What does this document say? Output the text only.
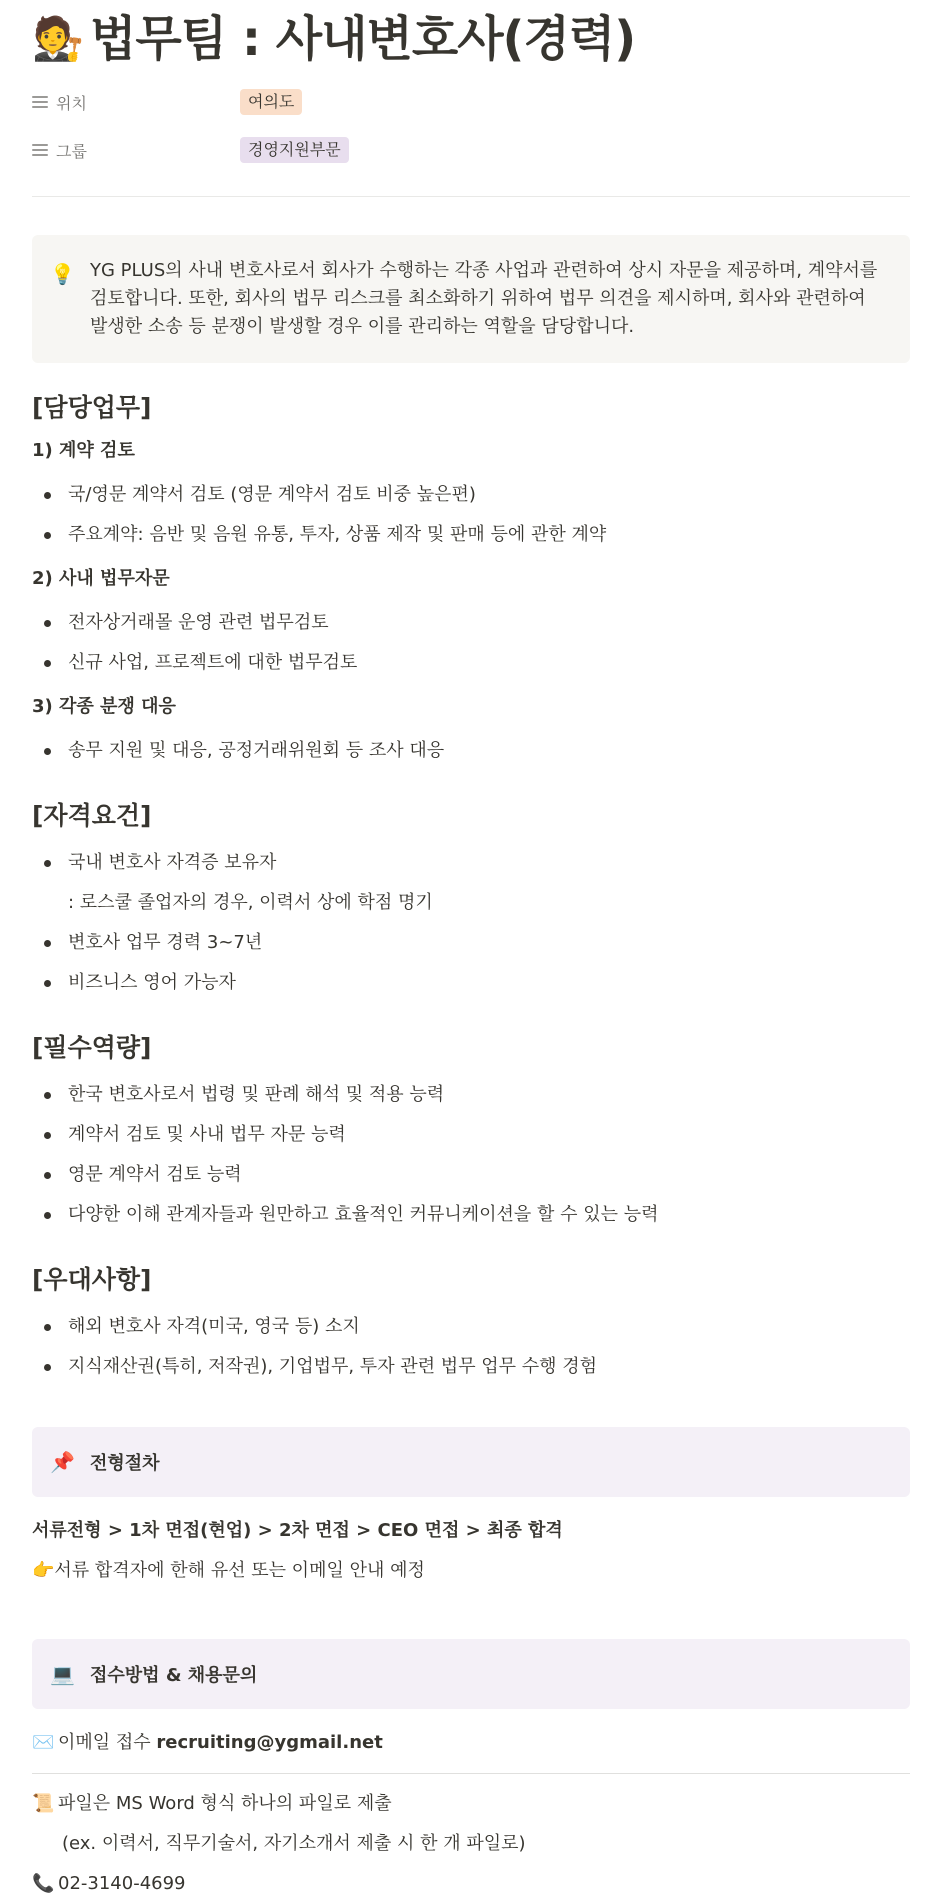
🧑‍⚖️ 법무팀 : 사내변호사(경력)
위치	여의도
그룹	경영지원부문
💡 YG PLUS의 사내 변호사로서 회사가 수행하는 각종 사업과 관련하여 상시 자문을 제공하며, 계약서를 검토합니다. 또한, 회사의 법무 리스크를 최소화하기 위하여 법무 의견을 제시하며, 회사와 관련하여 발생한 소송 등 분쟁이 발생할 경우 이를 관리하는 역할을 담당합니다.
[담당업무]
1) 계약 검토
국/영문 계약서 검토 (영문 계약서 검토 비중 높은편)
주요계약: 음반 및 음원 유통, 투자, 상품 제작 및 판매 등에 관한 계약
2) 사내 법무자문
전자상거래몰 운영 관련 법무검토
신규 사업, 프로젝트에 대한 법무검토
3) 각종 분쟁 대응
송무 지원 및 대응, 공정거래위원회 등 조사 대응
[자격요건]
국내 변호사 자격증 보유자
: 로스쿨 졸업자의 경우, 이력서 상에 학점 명기
변호사 업무 경력 3~7년
비즈니스 영어 가능자
[필수역량]
한국 변호사로서 법령 및 판례 해석 및 적용 능력
계약서 검토 및 사내 법무 자문 능력
영문 계약서 검토 능력
다양한 이해 관계자들과 원만하고 효율적인 커뮤니케이션을 할 수 있는 능력
[우대사항]
해외 변호사 자격(미국, 영국 등) 소지
지식재산권(특히, 저작권), 기업법무, 투자 관련 법무 업무 수행 경험
📌 전형절차
서류전형 > 1차 면접(현업) > 2차 면접 > CEO 면접 > 최종 합격
👉서류 합격자에 한해 유선 또는 이메일 안내 예정
💻 접수방법 & 채용문의
✉️ 이메일 접수 recruiting@ygmail.net
📜 파일은 MS Word 형식 하나의 파일로 제출
(ex. 이력서, 직무기술서, 자기소개서 제출 시 한 개 파일로)
📞 02-3140-4699
